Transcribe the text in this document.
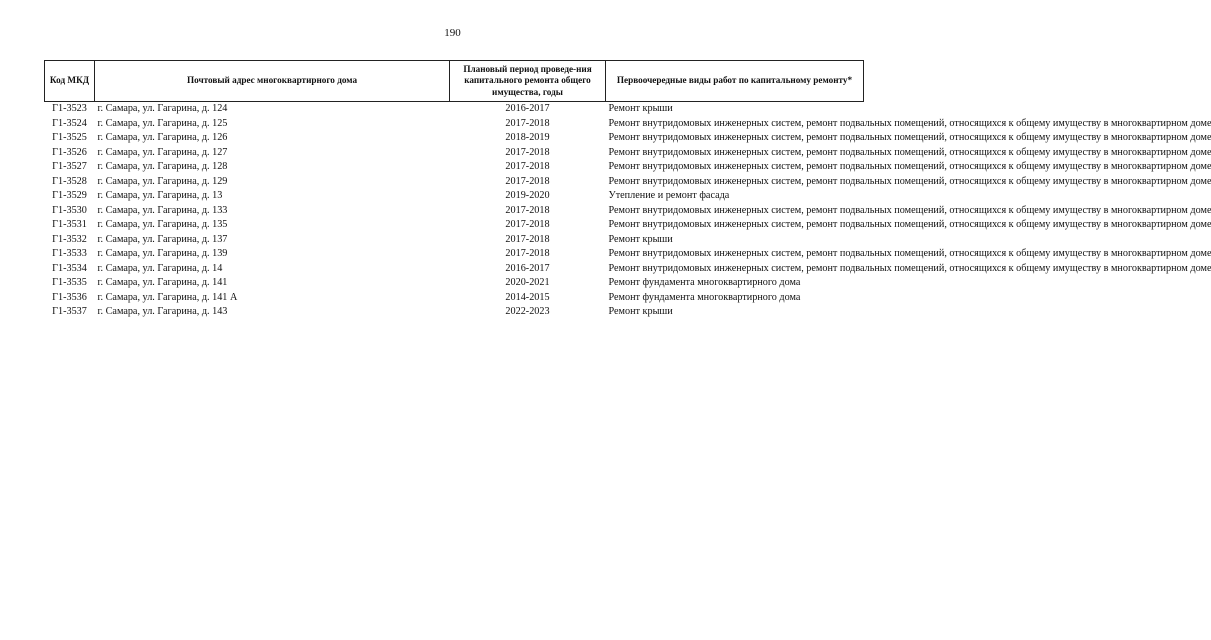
190
Код МКД	Почтовый адрес многоквартирного дома	Плановый период проведе-ния капитального ремонта общего имущества, годы	Первоочередные виды работ по капитальному ремонту*
Г1-3523	г. Самара, ул. Гагарина, д. 124	2016-2017	Ремонт крыши
Г1-3524	г. Самара, ул. Гагарина, д. 125	2017-2018	Ремонт внутридомовых инженерных систем, ремонт подвальных помещений, относящихся к общему имуществу в многоквартирном доме
Г1-3525	г. Самара, ул. Гагарина, д. 126	2018-2019	Ремонт внутридомовых инженерных систем, ремонт подвальных помещений, относящихся к общему имуществу в многоквартирном доме
Г1-3526	г. Самара, ул. Гагарина, д. 127	2017-2018	Ремонт внутридомовых инженерных систем, ремонт подвальных помещений, относящихся к общему имуществу в многоквартирном доме
Г1-3527	г. Самара, ул. Гагарина, д. 128	2017-2018	Ремонт внутридомовых инженерных систем, ремонт подвальных помещений, относящихся к общему имуществу в многоквартирном доме
Г1-3528	г. Самара, ул. Гагарина, д. 129	2017-2018	Ремонт внутридомовых инженерных систем, ремонт подвальных помещений, относящихся к общему имуществу в многоквартирном доме
Г1-3529	г. Самара, ул. Гагарина, д. 13	2019-2020	Утепление и ремонт фасада
Г1-3530	г. Самара, ул. Гагарина, д. 133	2017-2018	Ремонт внутридомовых инженерных систем, ремонт подвальных помещений, относящихся к общему имуществу в многоквартирном доме
Г1-3531	г. Самара, ул. Гагарина, д. 135	2017-2018	Ремонт внутридомовых инженерных систем, ремонт подвальных помещений, относящихся к общему имуществу в многоквартирном доме
Г1-3532	г. Самара, ул. Гагарина, д. 137	2017-2018	Ремонт крыши
Г1-3533	г. Самара, ул. Гагарина, д. 139	2017-2018	Ремонт внутридомовых инженерных систем, ремонт подвальных помещений, относящихся к общему имуществу в многоквартирном доме
Г1-3534	г. Самара, ул. Гагарина, д. 14	2016-2017	Ремонт внутридомовых инженерных систем, ремонт подвальных помещений, относящихся к общему имуществу в многоквартирном доме
Г1-3535	г. Самара, ул. Гагарина, д. 141	2020-2021	Ремонт фундамента многоквартирного дома
Г1-3536	г. Самара, ул. Гагарина, д. 141 А	2014-2015	Ремонт фундамента многоквартирного дома
Г1-3537	г. Самара, ул. Гагарина, д. 143	2022-2023	Ремонт крыши
